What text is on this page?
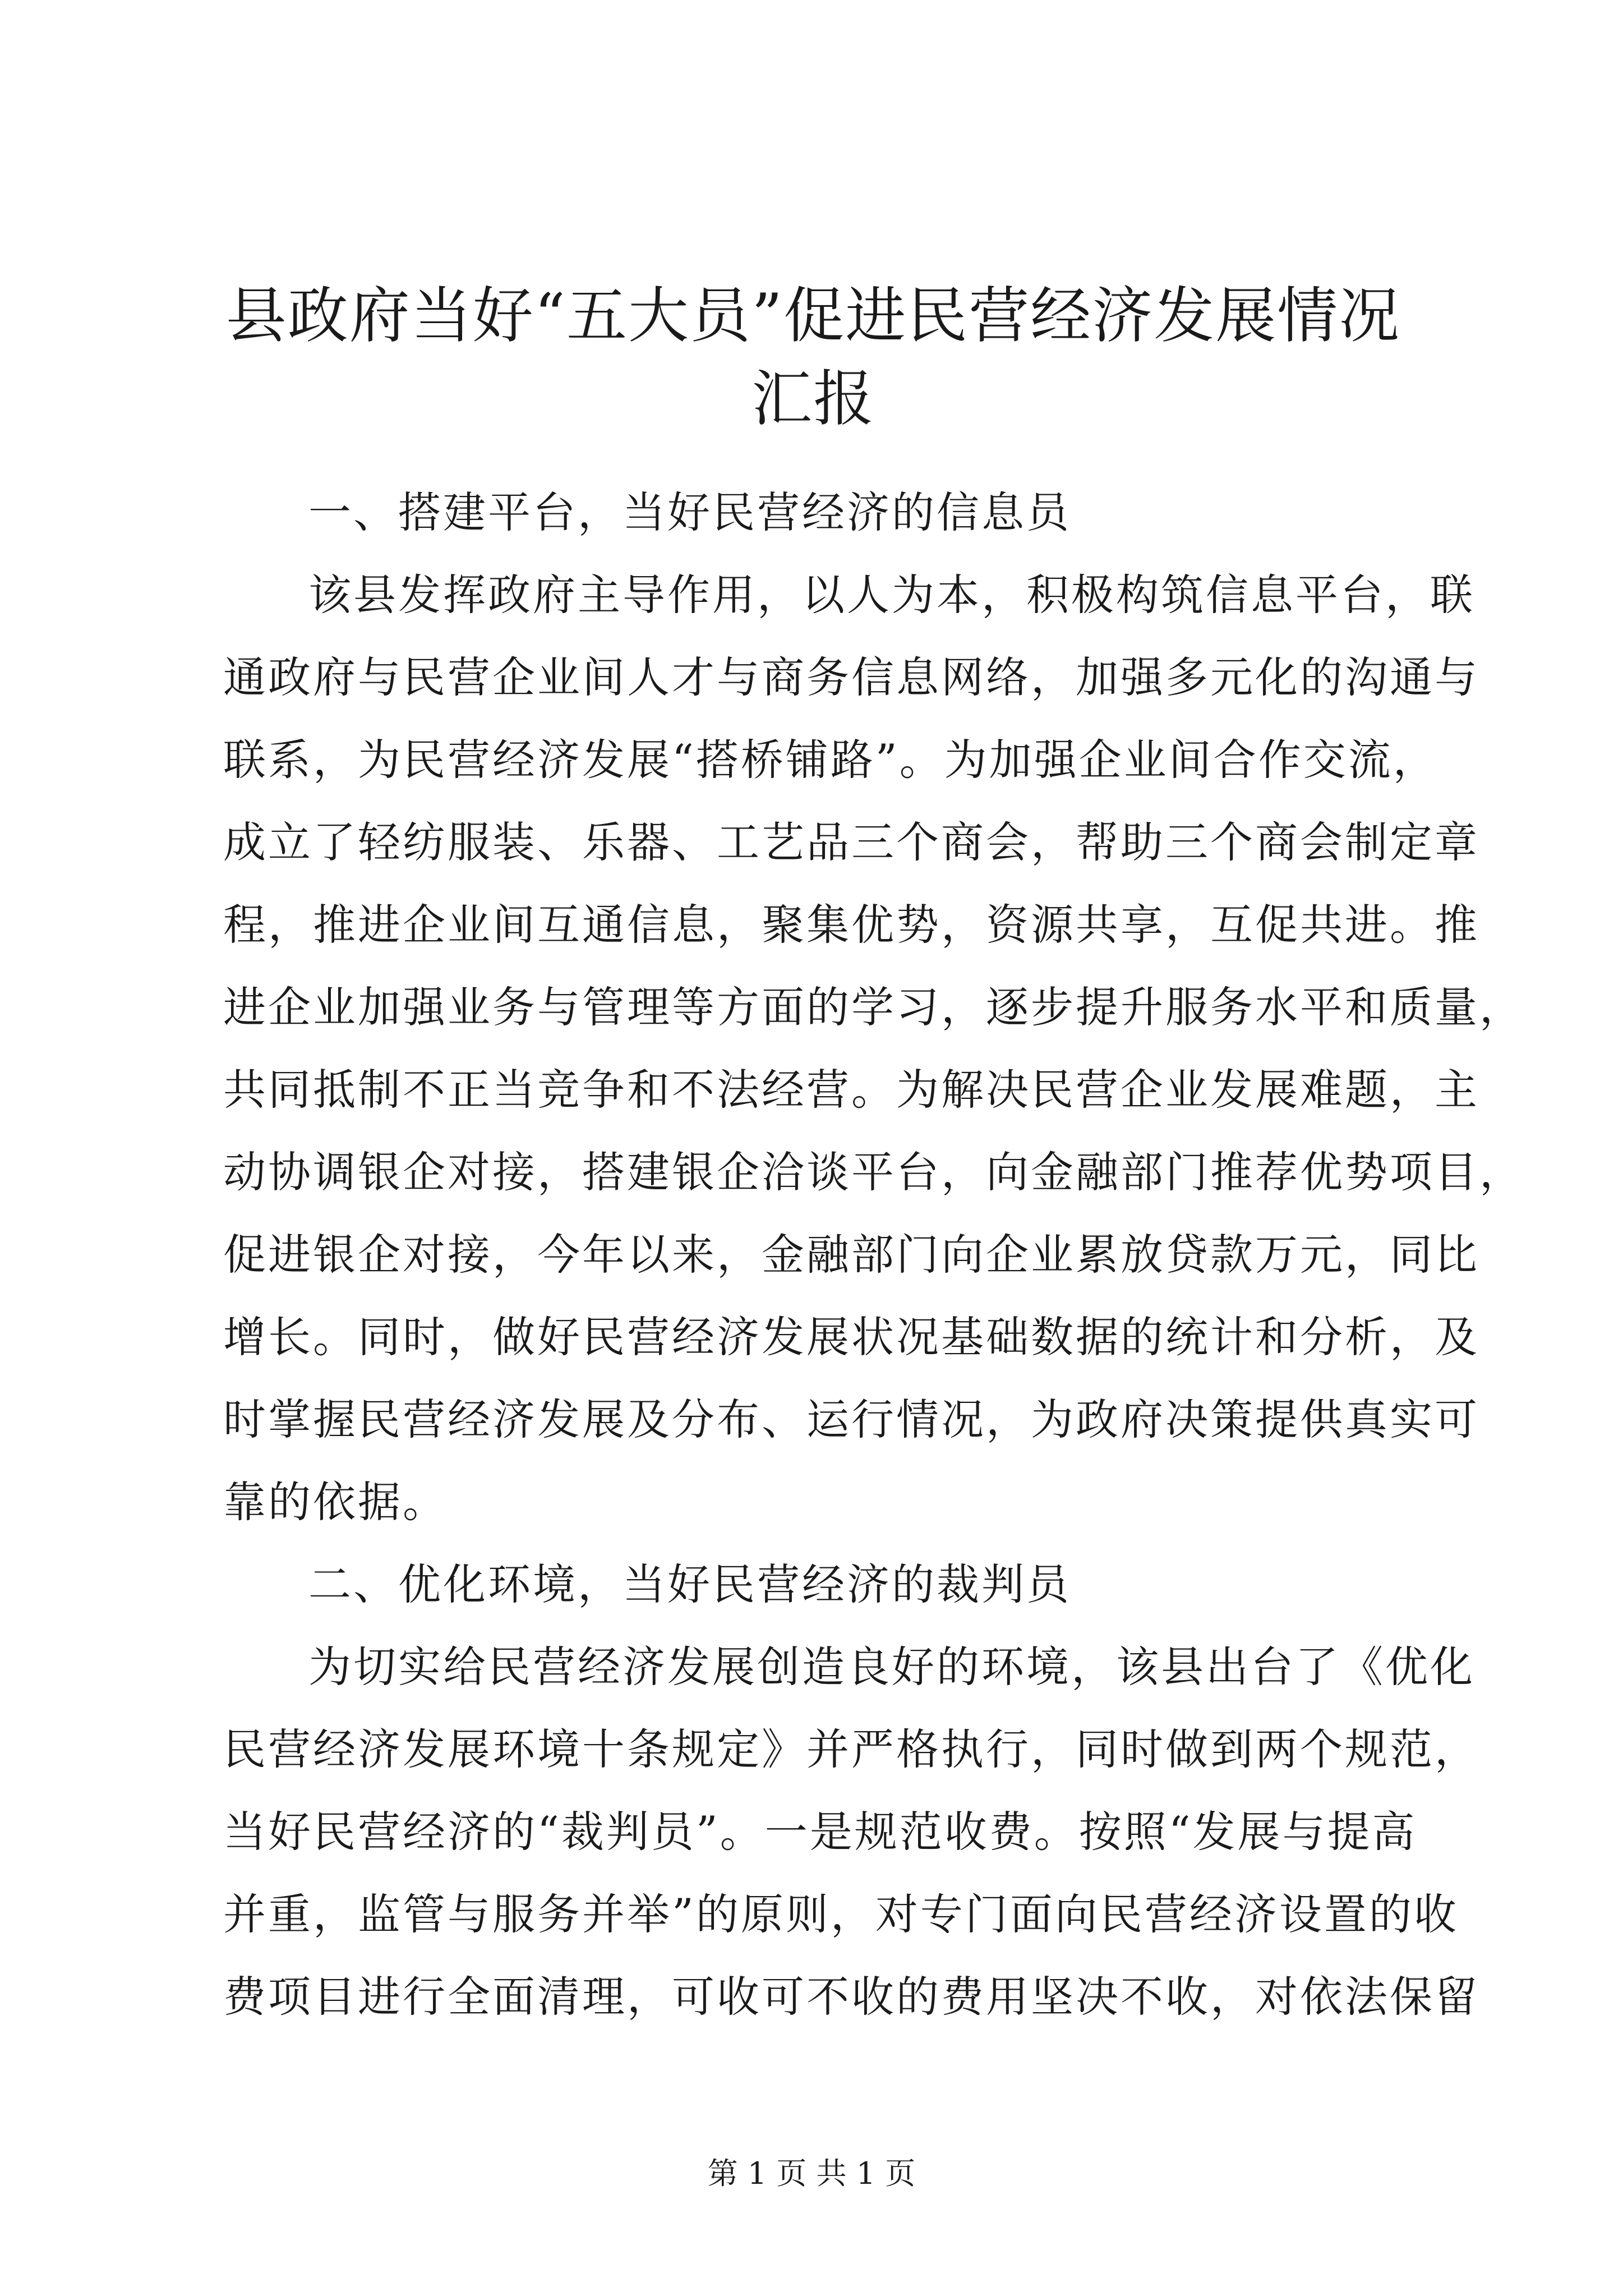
县政府当好“五大员”促进民营经济发展情况
汇报

一、搭建平台，当好民营经济的信息员

该县发挥政府主导作用，以人为本，积极构筑信息平台，联
通政府与民营企业间人才与商务信息网络，加强多元化的沟通与
联系，为民营经济发展“搭桥铺路”。为加强企业间合作交流，
成立了轻纺服装、乐器、工艺品三个商会，帮助三个商会制定章
程，推进企业间互通信息，聚集优势，资源共享，互促共进。推
进企业加强业务与管理等方面的学习，逐步提升服务水平和质量，
共同抵制不正当竞争和不法经营。为解决民营企业发展难题，主
动协调银企对接，搭建银企洽谈平台，向金融部门推荐优势项目，
促进银企对接，今年以来，金融部门向企业累放贷款万元，同比
增长。同时，做好民营经济发展状况基础数据的统计和分析，及
时掌握民营经济发展及分布、运行情况，为政府决策提供真实可
靠的依据。

二、优化环境，当好民营经济的裁判员

为切实给民营经济发展创造良好的环境，该县出台了《优化
民营经济发展环境十条规定》并严格执行，同时做到两个规范，
当好民营经济的“裁判员”。一是规范收费。按照“发展与提高
并重，监管与服务并举”的原则，对专门面向民营经济设置的收
费项目进行全面清理，可收可不收的费用坚决不收，对依法保留

第 1 页 共 1 页
